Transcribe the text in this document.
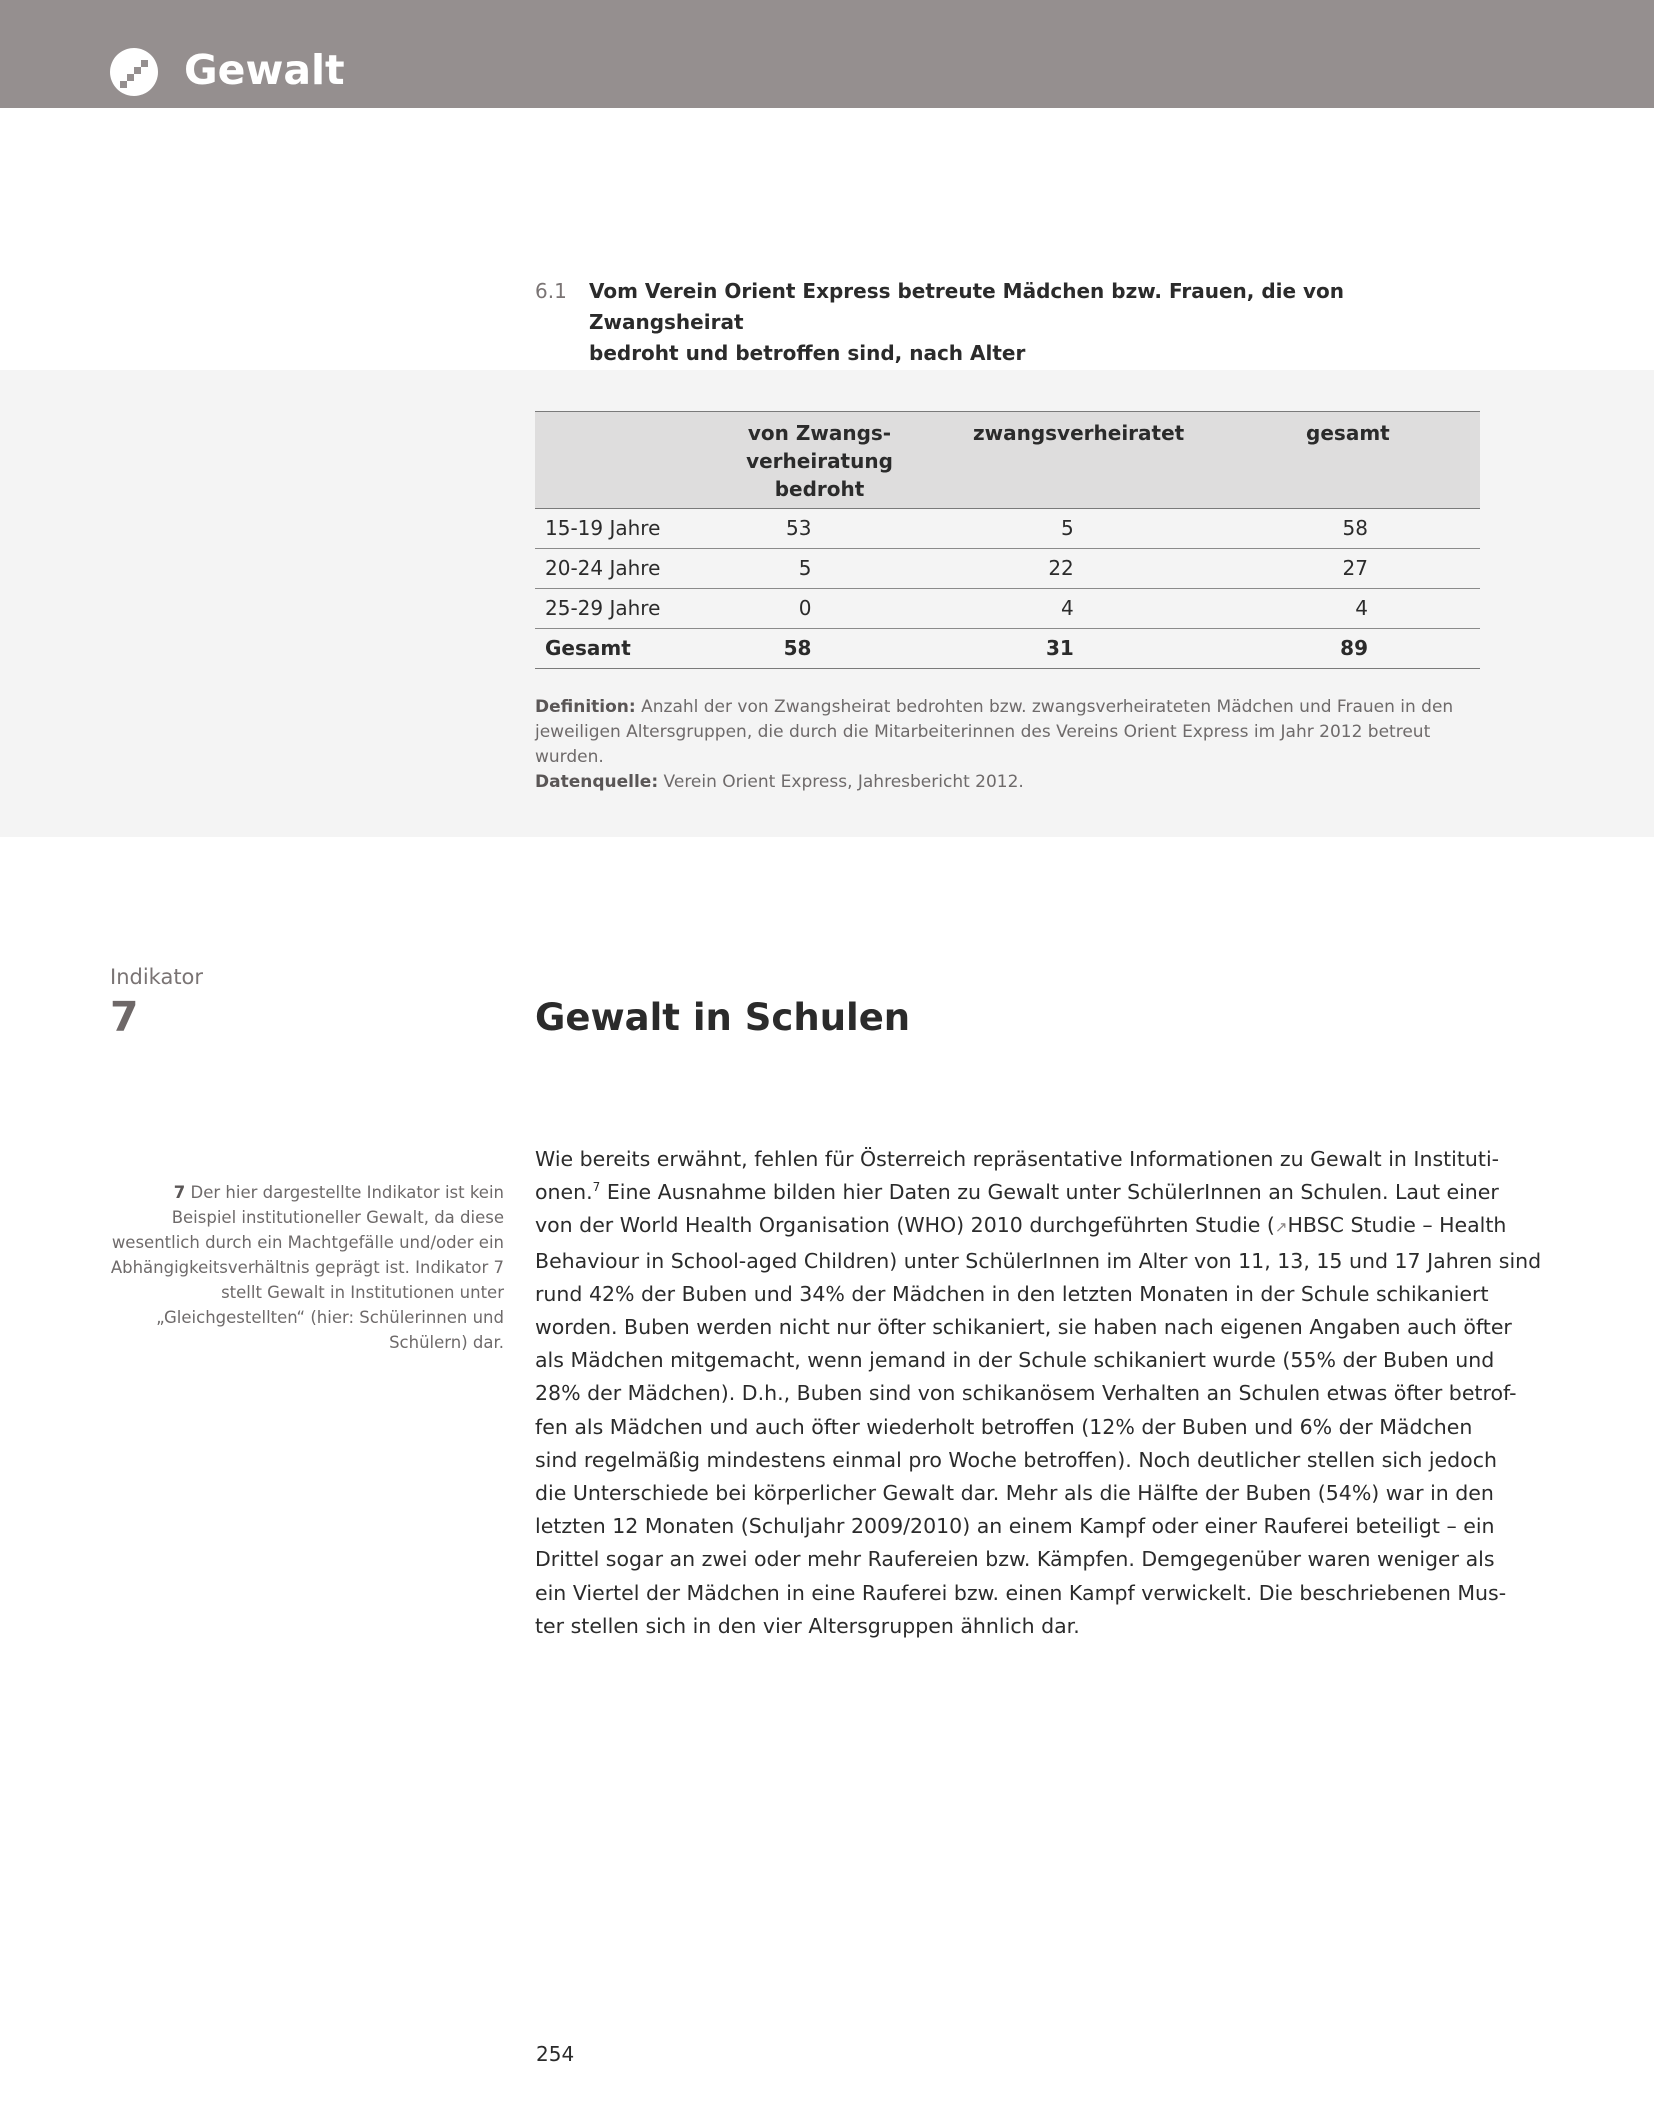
Gewalt
6.1 Vom Verein Orient Express betreute Mädchen bzw. Frauen, die von Zwangsheirat
bedroht und betroffen sind, nach Alter
	von Zwangs-
verheiratung bedroht	zwangsverheiratet	gesamt
15-19 Jahre	53	5	58
20-24 Jahre	5	22	27
25-29 Jahre	0	4	4
Gesamt	58	31	89
Definition: Anzahl der von Zwangsheirat bedrohten bzw. zwangsverheirateten Mädchen und Frauen in den jeweiligen Altersgruppen, die durch die Mitarbeiterinnen des Vereins Orient Express im Jahr 2012 betreut wurden.
Datenquelle: Verein Orient Express, Jahresbericht 2012.
Indikator
7	Gewalt in Schulen
7 Der hier dargestellte Indikator ist kein Beispiel institutioneller Gewalt, da diese wesentlich durch ein Machtgefälle und/oder ein Abhängigkeitsverhältnis geprägt ist. Indikator 7 stellt Gewalt in Institutionen unter „Gleichgestellten“ (hier: Schülerinnen und Schülern) dar.
Wie bereits erwähnt, fehlen für Österreich repräsentative Informationen zu Gewalt in Instituti-
onen.$^7$ Eine Ausnahme bilden hier Daten zu Gewalt unter SchülerInnen an Schulen. Laut einer
von der World Health Organisation (WHO) 2010 durchgeführten Studie (↗HBSC Studie – Health
Behaviour in School-aged Children) unter SchülerInnen im Alter von 11, 13, 15 und 17 Jahren sind
rund 42% der Buben und 34% der Mädchen in den letzten Monaten in der Schule schikaniert
worden. Buben werden nicht nur öfter schikaniert, sie haben nach eigenen Angaben auch öfter
als Mädchen mitgemacht, wenn jemand in der Schule schikaniert wurde (55% der Buben und
28% der Mädchen). D.h., Buben sind von schikanösem Verhalten an Schulen etwas öfter betrof-
fen als Mädchen und auch öfter wiederholt betroffen (12% der Buben und 6% der Mädchen
sind regelmäßig mindestens einmal pro Woche betroffen). Noch deutlicher stellen sich jedoch
die Unterschiede bei körperlicher Gewalt dar. Mehr als die Hälfte der Buben (54%) war in den
letzten 12 Monaten (Schuljahr 2009/2010) an einem Kampf oder einer Rauferei beteiligt – ein
Drittel sogar an zwei oder mehr Raufereien bzw. Kämpfen. Demgegenüber waren weniger als
ein Viertel der Mädchen in eine Rauferei bzw. einen Kampf verwickelt. Die beschriebenen Mus-
ter stellen sich in den vier Altersgruppen ähnlich dar.
254
